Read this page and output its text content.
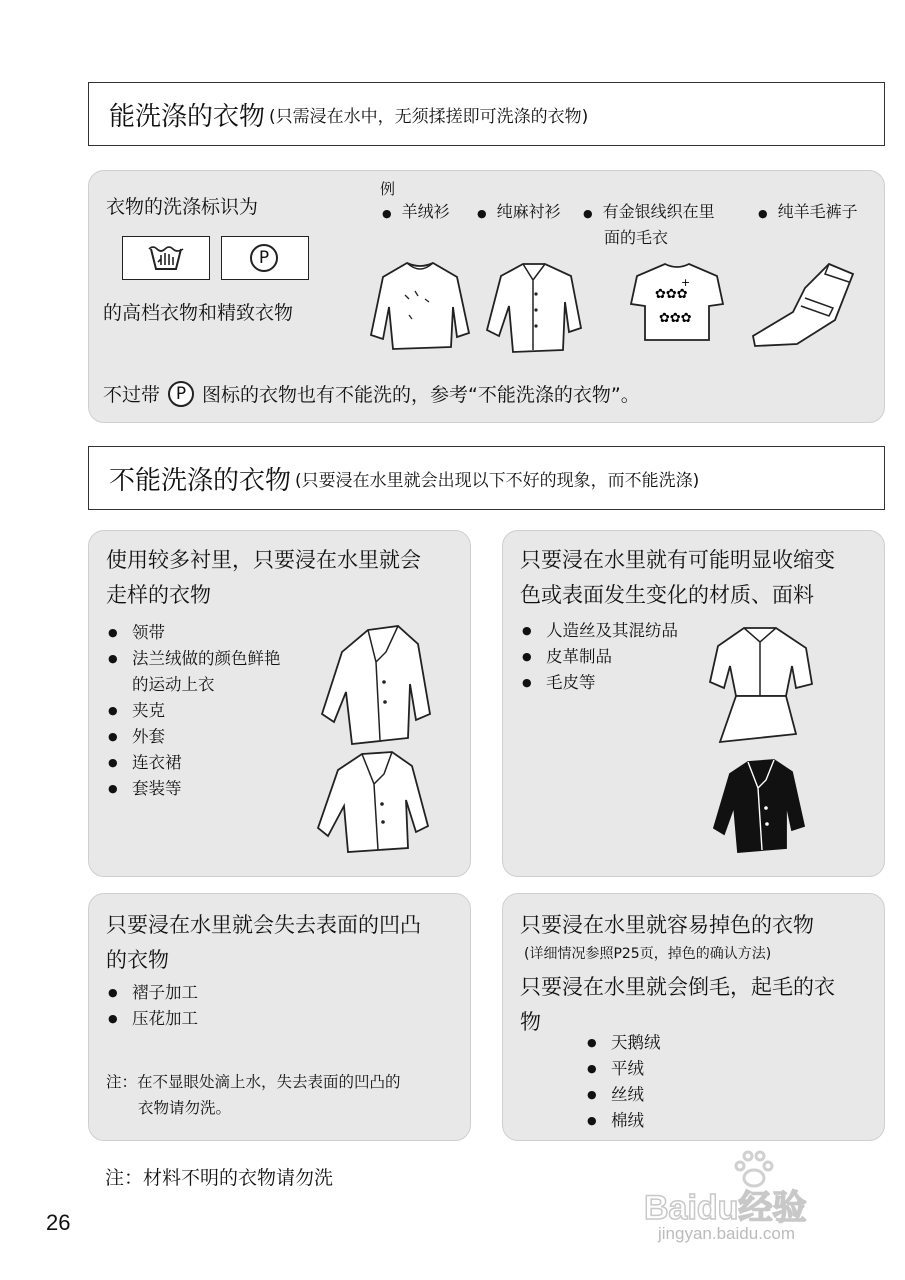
能洗涤的衣物 (只需浸在水中，无须揉搓即可洗涤的衣物)
衣物的洗涤标识为
P
的高档衣物和精致衣物
例
● 羊绒衫 ● 纯麻衬衫 ● 有金银线织在里
面的毛衣
● 纯羊毛裤子
✿✿✿
✿✿✿
+
不过带 P 图标的衣物也有不能洗的，参考“不能洗涤的衣物”。
不能洗涤的衣物 (只要浸在水里就会出现以下不好的现象，而不能洗涤)
使用较多衬里，只要浸在水里就会
走样的衣物
● 领带
● 法兰绒做的颜色鲜艳
的运动上衣
● 夹克
● 外套
● 连衣裙
● 套装等
只要浸在水里就有可能明显收缩变
色或表面发生变化的材质、面料
● 人造丝及其混纺品
● 皮革制品
● 毛皮等
只要浸在水里就会失去表面的凹凸
的衣物
● 褶子加工
● 压花加工
注：在不显眼处滴上水，失去表面的凹凸的
衣物请勿洗。
只要浸在水里就容易掉色的衣物
(详细情况参照P25页，掉色的确认方法)
只要浸在水里就会倒毛，起毛的衣
物
● 天鹅绒
● 平绒
● 丝绒
● 棉绒
注：材料不明的衣物请勿洗
26	Baidu经验
jingyan.baidu.com
